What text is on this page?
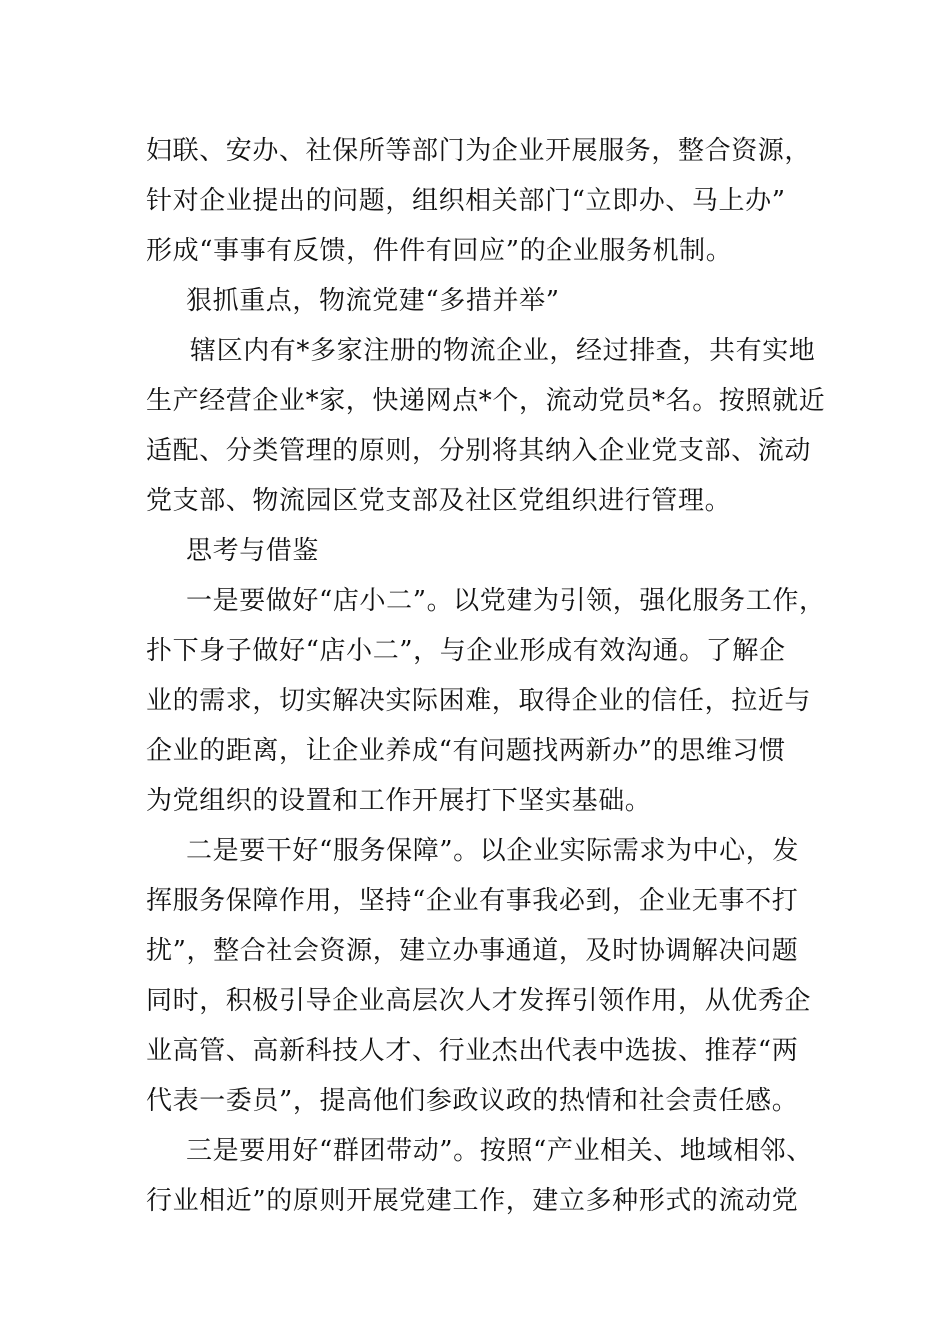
妇联、安办、社保所等部门为企业开展服务，整合资源，
针对企业提出的问题，组织相关部门“立即办、马上办”
形成“事事有反馈，件件有回应”的企业服务机制。
狠抓重点，物流党建“多措并举”
辖区内有*多家注册的物流企业，经过排查，共有实地
生产经营企业*家，快递网点*个，流动党员*名。按照就近
适配、分类管理的原则，分别将其纳入企业党支部、流动
党支部、物流园区党支部及社区党组织进行管理。
思考与借鉴
一是要做好“店小二”。以党建为引领，强化服务工作，
扑下身子做好“店小二”，与企业形成有效沟通。了解企
业的需求，切实解决实际困难，取得企业的信任，拉近与
企业的距离，让企业养成“有问题找两新办”的思维习惯
为党组织的设置和工作开展打下坚实基础。
二是要干好“服务保障”。以企业实际需求为中心，发
挥服务保障作用，坚持“企业有事我必到，企业无事不打
扰”，整合社会资源，建立办事通道，及时协调解决问题
同时，积极引导企业高层次人才发挥引领作用，从优秀企
业高管、高新科技人才、行业杰出代表中选拔、推荐“两
代表一委员”，提高他们参政议政的热情和社会责任感。
三是要用好“群团带动”。按照“产业相关、地域相邻、
行业相近”的原则开展党建工作，建立多种形式的流动党
